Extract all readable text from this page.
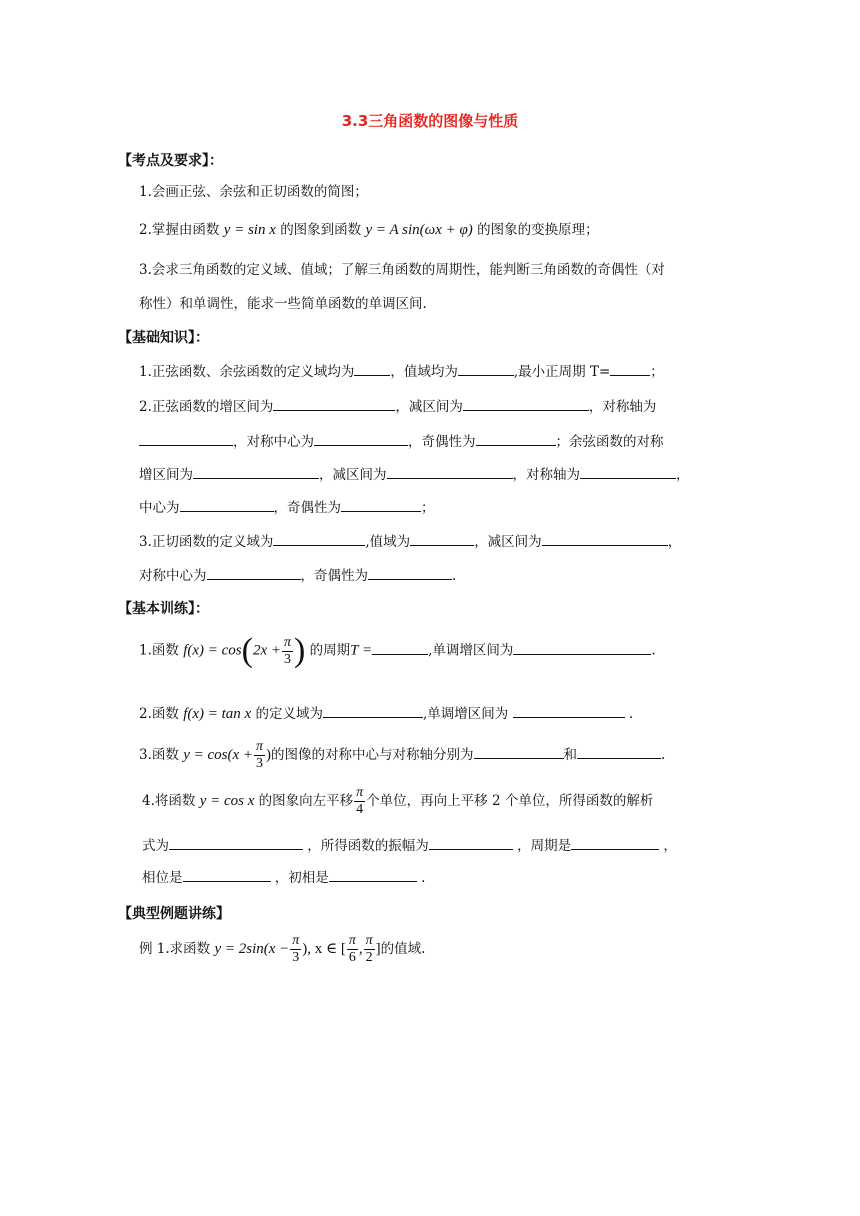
3.3三角函数的图像与性质
【考点及要求】：
1.会画正弦、余弦和正切函数的简图；
2.掌握由函数 y = sin x 的图象到函数 y = A sin(ωx + φ) 的图象的变换原理；
3.会求三角函数的定义域、值域；了解三角函数的周期性，能判断三角函数的奇偶性（对
称性）和单调性，能求一些简单函数的单调区间.
【基础知识】：
1.正弦函数、余弦函数的定义域均为	，值域均为	,最小正周期 T=	；
2.正弦函数的增区间为	，减区间为	，对称轴为
，对称中心为	，奇偶性为	；余弦函数的对称
增区间为	，减区间为	，对称轴为	，
中心为	，奇偶性为	；
3.正切函数的定义域为	,值域为	，减区间为	，
对称中心为	，奇偶性为	.
【基本训练】：
1.函数 $f(x) = \cos(2x + \frac{\pi}{3}$ ) 的周期T =	,单调增区间为	.
2.函数 f(x) = tan x 的定义域为	,单调增区间为	.
3.函数 $y = \cos(x + \frac{\pi}{3}$ )的图像的对称中心与对称轴分别为	和	.
4.将函数 y = cos x 的图象向左平移 $\frac{\pi}{4}$ 个单位，再向上平移 2 个单位，所得函数的解析
式为	，所得函数的振幅为	，周期是	，
相位是	，初相是	.
【典型例题讲练】
例 1.求函数 $y = 2\sin(x - \frac{\pi}{3}$ ), x ∈ [ $\frac{\pi}{6}$ , $\frac{\pi}{2}$ ]的值域.
